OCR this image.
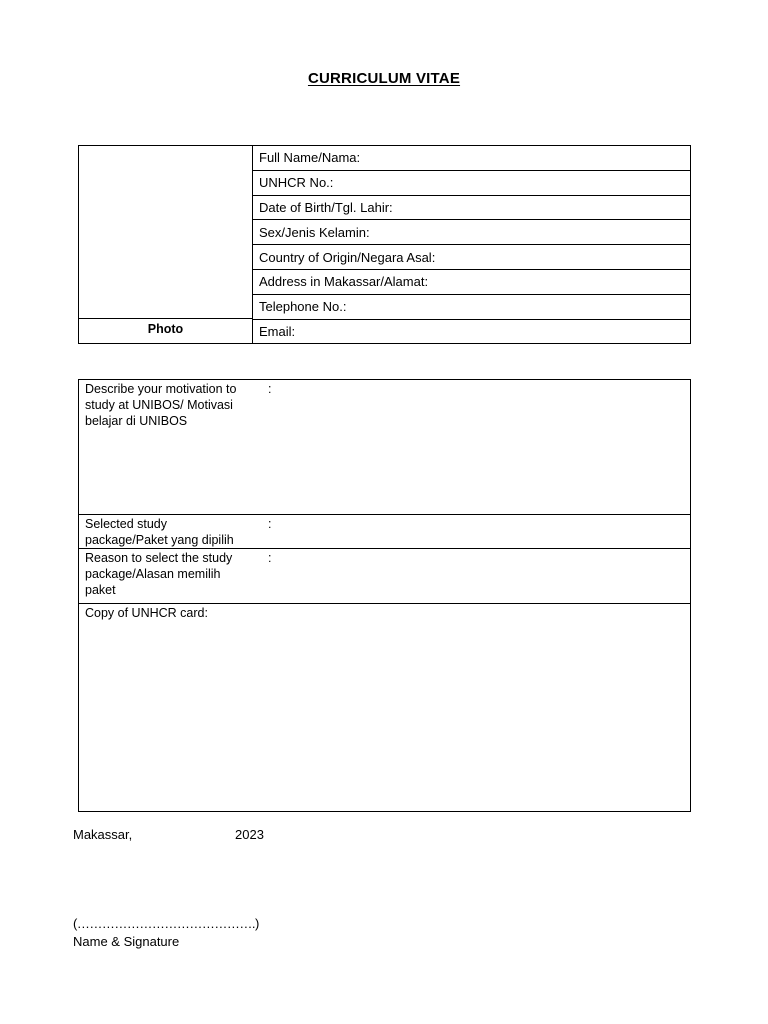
CURRICULUM VITAE
Photo
	Full Name/Nama:
UNHCR No.:
Date of Birth/Tgl. Lahir:
Sex/Jenis Kelamin:
Country of Origin/Negara Asal:
Address in Makassar/Alamat:
Telephone No.:
Email:
Describe your motivation to study at UNIBOS/ Motivasi belajar di UNIBOS	:
Selected study package/Paket yang dipilih	:
Reason to select the study package/Alasan memilih paket	:
Copy of UNHCR card:	
Makassar,	2023
(…………………………………….)
Name & Signature
